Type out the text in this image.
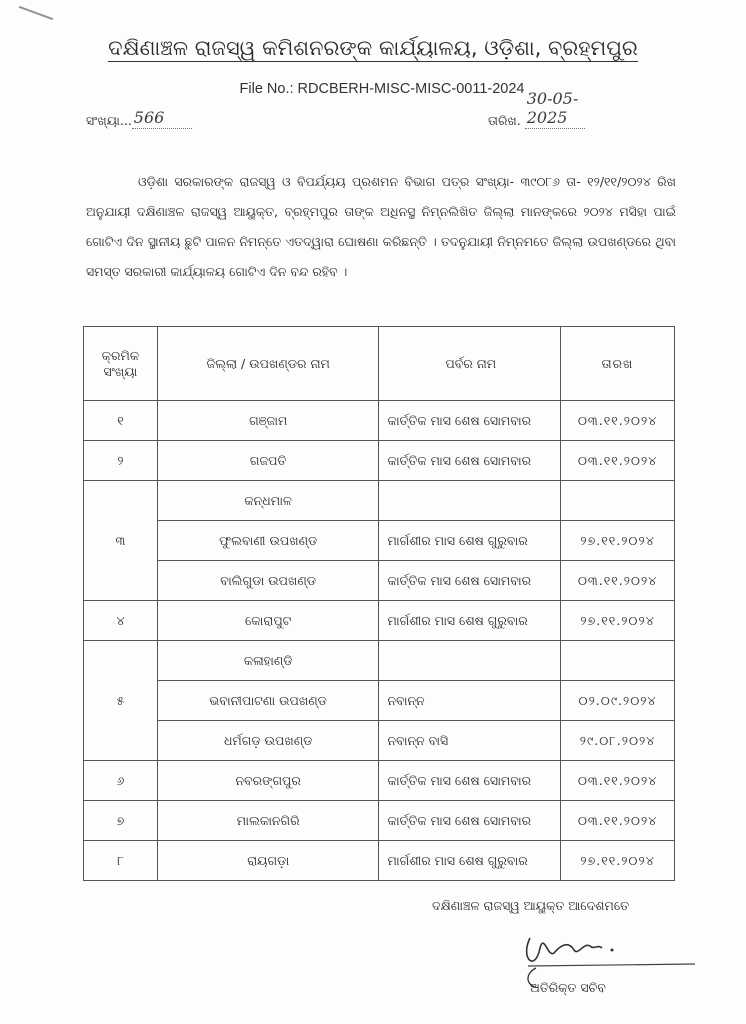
ଦକ୍ଷିଣାଞ୍ଚଳ ରାଜସ୍ୱ କମିଶନରଙ୍କ କାର୍ଯ୍ୟାଳୟ, ଓଡ଼ିଶା, ବ୍ରହ୍ମପୁର
File No.: RDCBERH-MISC-MISC-0011-2024
ସଂଖ୍ୟା... 566	ତାରିଖ.
30-05-2025
ଓଡ଼ିଶା ସରକାରଙ୍କ ରାଜସ୍ୱ ଓ ବିପର୍ଯ୍ୟୟ ପ୍ରଶମନ ବିଭାଗ ପତ୍ର ସଂଖ୍ୟା- ୩୯୦୮୬ ତା- ୧୨/୧୧/୨୦୨୪ ରିଖ ଅନୁଯାୟୀ ଦକ୍ଷିଣାଞ୍ଚଳ ରାଜସ୍ୱ ଆୟୁକ୍ତ, ବ୍ରହ୍ମପୁର ତାଙ୍କ ଅଧିନସ୍ଥ ନିମ୍ନଲିଖିତ ଜିଲ୍ଲା ମାନଙ୍କରେ ୨୦୨୪ ମସିହା ପାଇଁ ଗୋଟିଏ ଦିନ ସ୍ଥାନୀୟ ଛୁଟି ପାଳନ ନିମନ୍ତେ ଏତଦ୍ୱାରା ଘୋଷଣା କରିଛନ୍ତି । ତଦନୁଯାୟୀ ନିମ୍ନମତେ ଜିଲ୍ଲା ଉପଖଣ୍ଡରେ ଥିବା ସମସ୍ତ ସରକାରୀ କାର୍ଯ୍ୟାଳୟ ଗୋଟିଏ ଦିନ ବନ୍ଦ ରହିବ ।
କ୍ରମିକ ସଂଖ୍ୟା	ଜିଲ୍ଲା / ଉପଖଣ୍ଡର ନାମ	ପର୍ବର ନାମ	ତାରଖ
୧	ଗଞ୍ଜାମ	କାର୍ତ୍ତିକ ମାସ ଶେଷ ସୋମବାର	୦୩.୧୧.୨୦୨୪
୨	ଗଜପତି	କାର୍ତ୍ତିକ ମାସ ଶେଷ ସୋମବାର	୦୩.୧୧.୨୦୨୪
୩	କନ୍ଧମାଳ		
	ଫୁଲବାଣୀ ଉପଖଣ୍ଡ	ମାର୍ଗଶୀର ମାସ ଶେଷ ଗୁରୁବାର	୨୭.୧୧.୨୦୨୪
	ବାଲିଗୁଡା ଉପଖଣ୍ଡ	କାର୍ତ୍ତିକ ମାସ ଶେଷ ସୋମବାର	୦୩.୧୧.୨୦୨୪
୪	କୋରାପୁଟ	ମାର୍ଗଶୀର ମାସ ଶେଷ ଗୁରୁବାର	୨୭.୧୧.୨୦୨୪
୫	କଳାହାଣ୍ଡି		
	ଭବାନୀପାଟଣା ଉପଖଣ୍ଡ	ନବାନ୍ନ	୦୨.୦୯.୨୦୨୪
	ଧର୍ମଗଡ଼ ଉପଖଣ୍ଡ	ନବାନ୍ନ ବାସି	୨୯.୦୮.୨୦୨୪
୬	ନବରଙ୍ଗପୁର	କାର୍ତ୍ତିକ ମାସ ଶେଷ ସୋମବାର	୦୩.୧୧.୨୦୨୪
୭	ମାଲକାନଗିରି	କାର୍ତ୍ତିକ ମାସ ଶେଷ ସୋମବାର	୦୩.୧୧.୨୦୨୪
୮	ରାୟଗଡ଼ା	ମାର୍ଗଶୀର ମାସ ଶେଷ ଗୁରୁବାର	୨୭.୧୧.୨୦୨୪
ଦକ୍ଷିଣାଞ୍ଚଳ ରାଜସ୍ୱ ଆୟୁକ୍ତ ଆଦେଶମତେ
ଅତିରିକ୍ତ ସଚିବ
